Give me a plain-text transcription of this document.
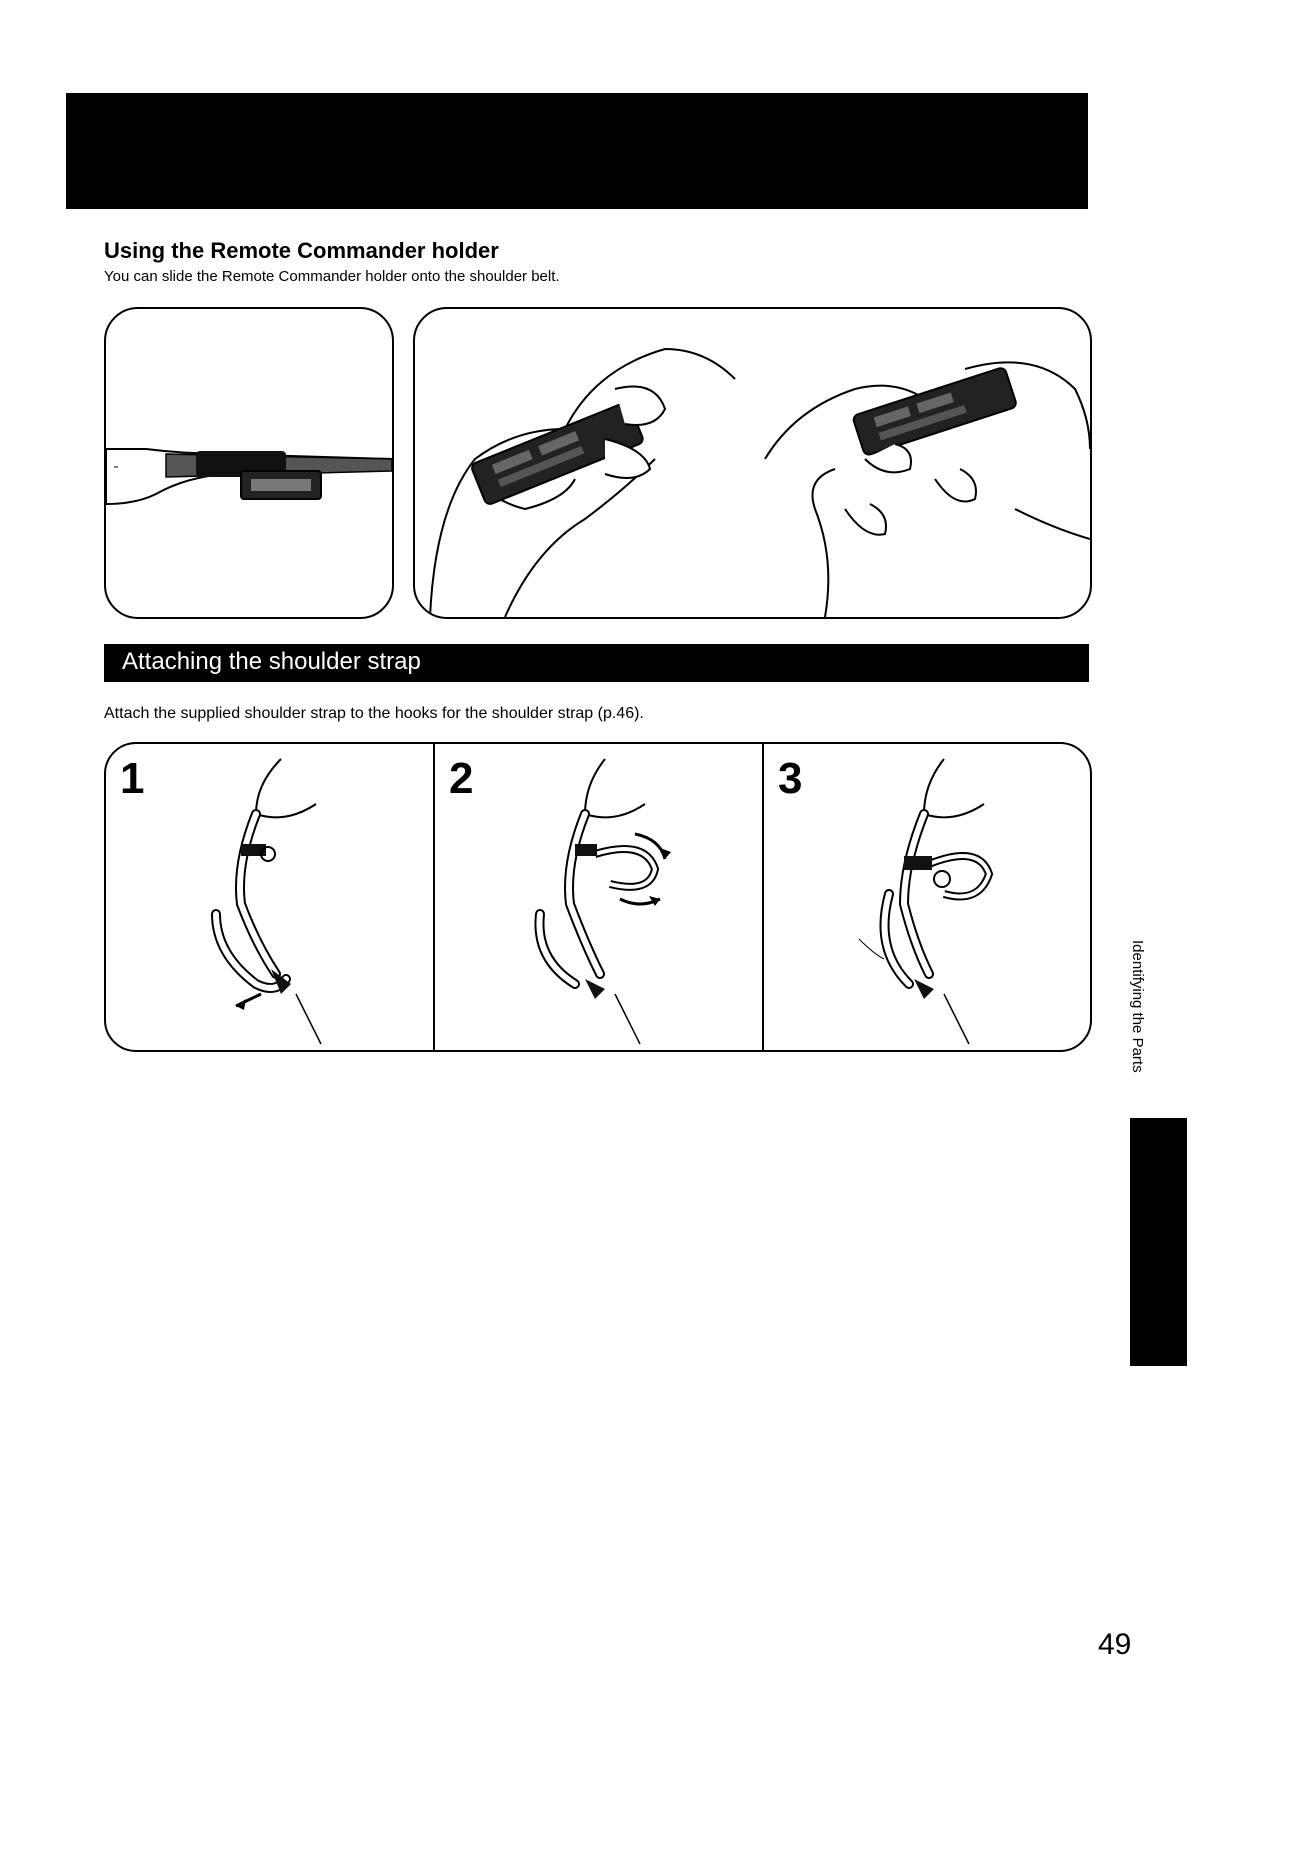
Using the Remote Commander holder

You can slide the Remote Commander holder onto the shoulder belt.

Attaching the shoulder strap

Attach the supplied shoulder strap to the hooks for the shoulder strap (p.46).

1	2	3

Identifying the Parts

49
